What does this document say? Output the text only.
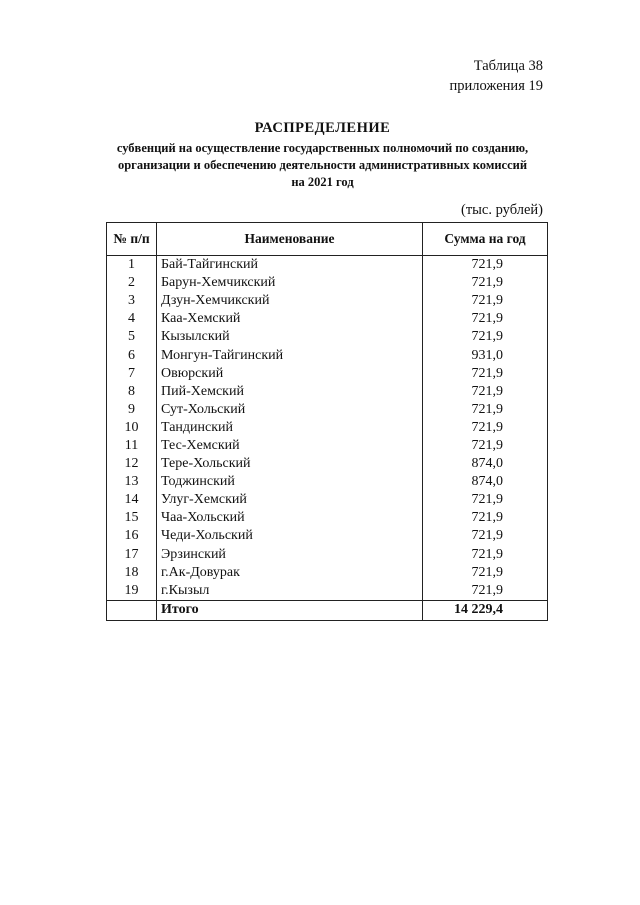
Таблица 38
приложения 19
РАСПРЕДЕЛЕНИЕ
субвенций на осуществление государственных полномочий по созданию,
организации и обеспечению деятельности административных комиссий
на 2021 год
(тыс. рублей)
№ п/п	Наименование	Сумма на год
1	Бай-Тайгинский	721,9
2	Барун-Хемчикский	721,9
3	Дзун-Хемчикский	721,9
4	Каа-Хемский	721,9
5	Кызылский	721,9
6	Монгун-Тайгинский	931,0
7	Овюрский	721,9
8	Пий-Хемский	721,9
9	Сут-Хольский	721,9
10	Тандинский	721,9
11	Тес-Хемский	721,9
12	Тере-Хольский	874,0
13	Тоджинский	874,0
14	Улуг-Хемский	721,9
15	Чаа-Хольский	721,9
16	Чеди-Хольский	721,9
17	Эрзинский	721,9
18	г.Ак-Довурак	721,9
19	г.Кызыл	721,9
	Итого	14 229,4
